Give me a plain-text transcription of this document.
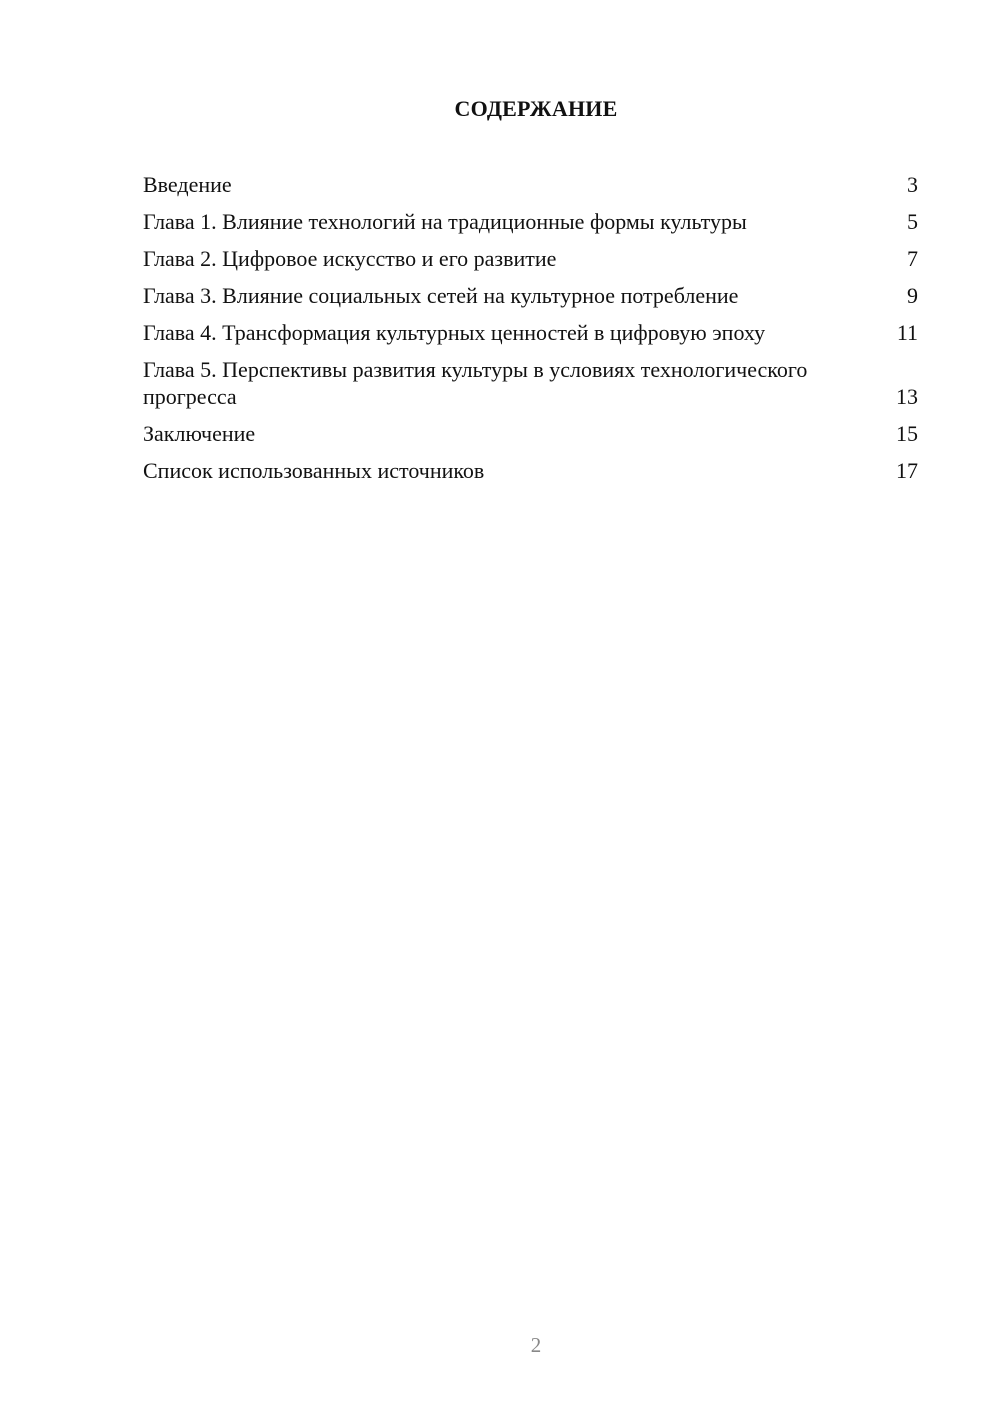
СОДЕРЖАНИЕ
Введение	3
Глава 1. Влияние технологий на традиционные формы культуры	5
Глава 2. Цифровое искусство и его развитие	7
Глава 3. Влияние социальных сетей на культурное потребление	9
Глава 4. Трансформация культурных ценностей в цифровую эпоху	11
Глава 5. Перспективы развития культуры в условиях технологического прогресса	13
Заключение	15
Список использованных источников	17
2
